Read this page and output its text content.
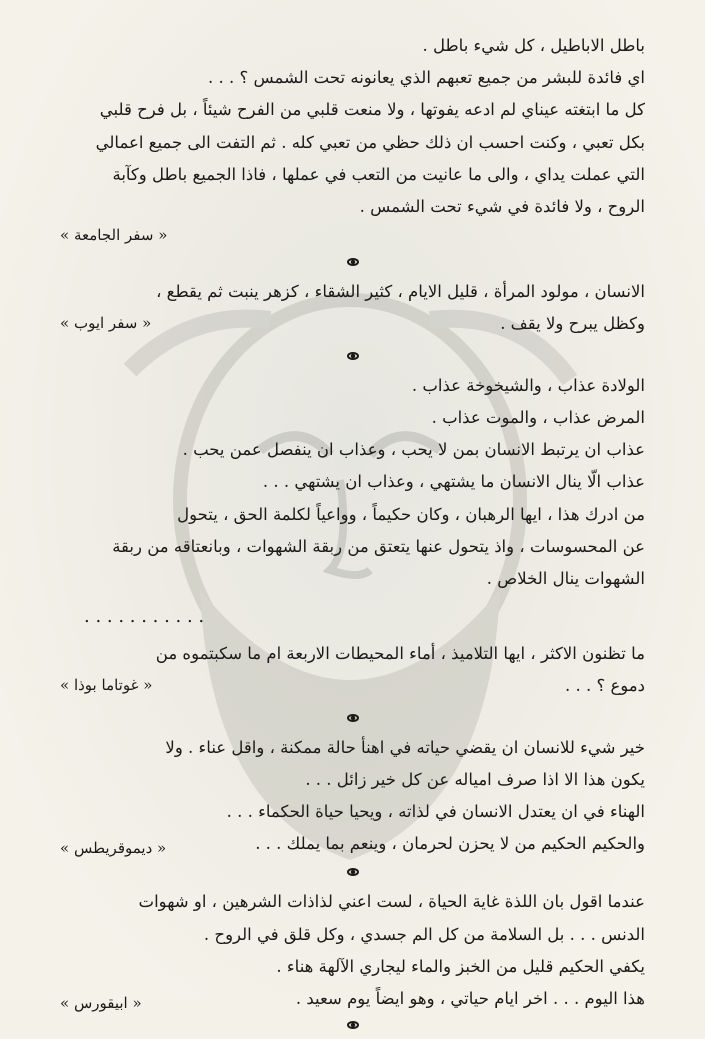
باطل الاباطيل ، كل شيء باطل .
اي فائدة للبشر من جميع تعبهم الذي يعانونه تحت الشمس ؟ . . .
كل ما ابتغته عيناي لم ادعه يفوتها ، ولا منعت قلبي من الفرح شيئاً ، بل فرح قلبي
بكل تعبي ، وكنت احسب ان ذلك حظي من تعبي كله . ثم التفت الى جميع اعمالي
التي عملت يداي ، والى ما عانيت من التعب في عملها ، فاذا الجميع باطل وكآبة
الروح ، ولا فائدة في شيء تحت الشمس .
« سفر الجامعة »
الانسان ، مولود المرأة ، قليل الايام ، كثير الشقاء ، كزهر ينبت ثم يقطع ،
وكظل يبرح ولا يقف .
« سفر ايوب »
الولادة عذاب ، والشيخوخة عذاب .
المرض عذاب ، والموت عذاب .
عذاب ان يرتبط الانسان بمن لا يحب ، وعذاب ان ينفصل عمن يحب .
عذاب الّا ينال الانسان ما يشتهي ، وعذاب ان يشتهي . . .
من ادرك هذا ، ايها الرهبان ، وكان حكيماً ، وواعياً لكلمة الحق ، يتحول
عن المحسوسات ، واذ يتحول عنها يتعتق من ربقة الشهوات ، وبانعتاقه من ربقة
الشهوات ينال الخلاص .
. . . . . . . . . . .
ما تظنون الاكثر ، ايها التلاميذ ، أماء المحيطات الاربعة ام ما سكبتموه من
دموع ؟ . . .
« غوتاما بوذا »
خير شيء للانسان ان يقضي حياته في اهنأ حالة ممكنة ، واقل عناء . ولا
يكون هذا الا اذا صرف امياله عن كل خير زائل . . .
الهناء في ان يعتدل الانسان في لذاته ، ويحيا حياة الحكماء . . .
والحكيم الحكيم من لا يحزن لحرمان ، وينعم بما يملك . . .
« ديموقريطس »
عندما اقول بان اللذة غاية الحياة ، لست اعني لذاذات الشرهين ، او شهوات
الدنس . . . بل السلامة من كل الم جسدي ، وكل قلق في الروح .
يكفي الحكيم قليل من الخبز والماء ليجاري الآلهة هناء .
هذا اليوم . . . اخر ايام حياتي ، وهو ايضاً يوم سعيد .
« ابيقورس »
